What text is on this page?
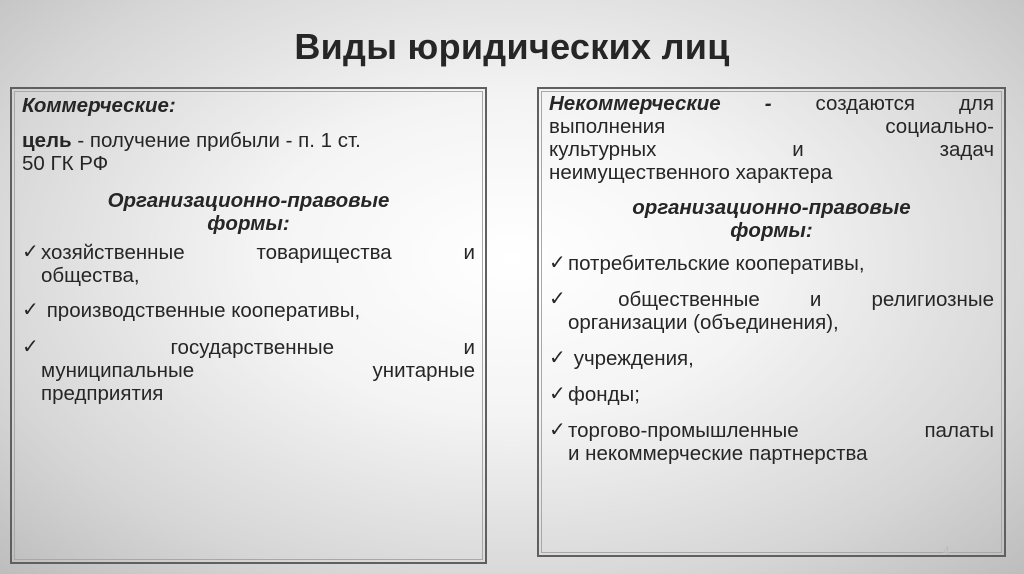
Виды юридических лиц

Коммерческие:

цель - получение прибыли - п. 1 ст.
50 ГК РФ

Организационно-правовые
формы:

✓ хозяйственные товарищества и

общества,

✓ производственные кооперативы,

✓ государственные и

муниципальные унитарные

предприятия

Некоммерческие - создаются для

выполнения социально-

культурных и задач

неимущественного характера

организационно-правовые
формы:

✓ потребительские кооперативы,

✓ общественные и религиозные

организации (объединения),

✓ учреждения,

✓ фонды;

✓ торгово-промышленные палаты

и некоммерческие партнерства

4
